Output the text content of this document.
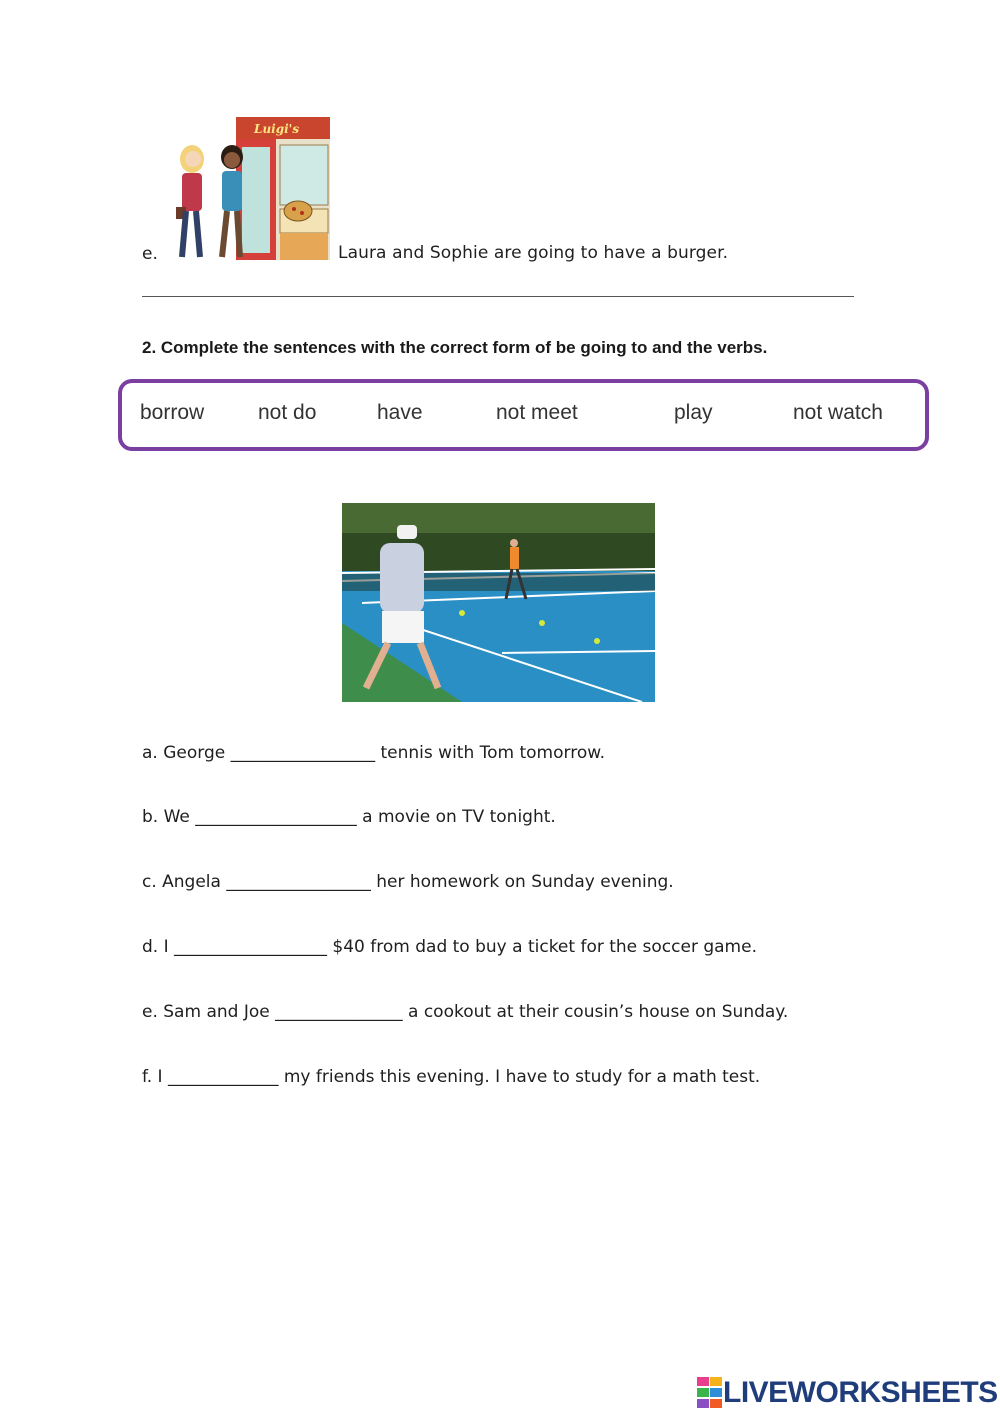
Luigi's
e.	Laura and Sophie are going to have a burger.
2. Complete the sentences with the correct form of be going to and the verbs.
borrow	not do	have	not meet	play	not watch
a. George _________________ tennis with Tom tomorrow.
b. We ___________________ a movie on TV tonight.
c. Angela _________________ her homework on Sunday evening.
d. I __________________ $40 from dad to buy a ticket for the soccer game.
e. Sam and Joe _______________ a cookout at their cousin’s house on Sunday.
f. I _____________ my friends this evening. I have to study for a math test.
LIVEWORKSHEETS
